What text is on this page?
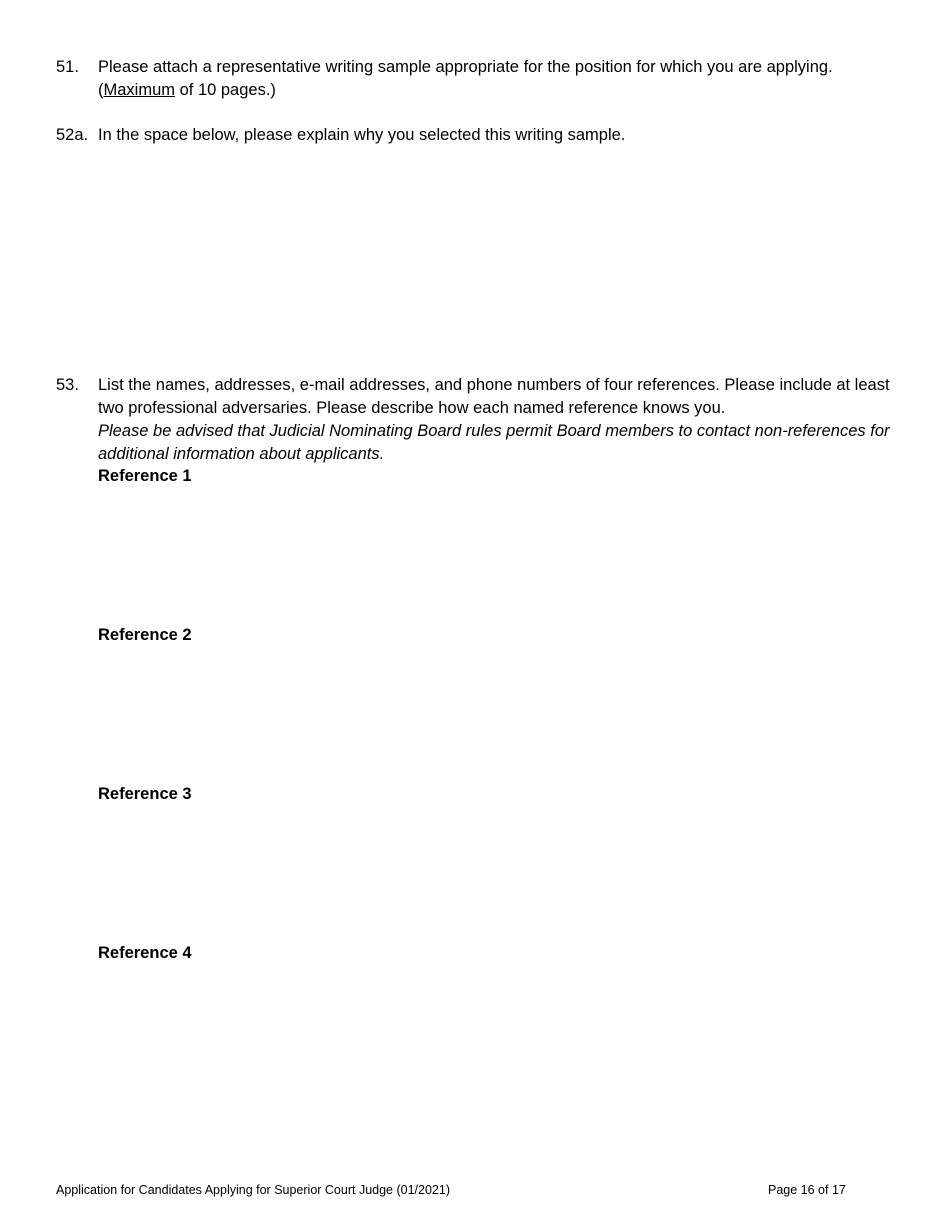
51.	Please attach a representative writing sample appropriate for the position for which you are applying. (Maximum of 10 pages.)
52a. In the space below, please explain why you selected this writing sample.
53.	List the names, addresses, e-mail addresses, and phone numbers of four references. Please include at least two professional adversaries. Please describe how each named reference knows you.
Please be advised that Judicial Nominating Board rules permit Board members to contact non-references for additional information about applicants.
Reference 1
Reference 2
Reference 3
Reference 4
Application for Candidates Applying for Superior Court Judge (01/2021)	Page 16 of 17
